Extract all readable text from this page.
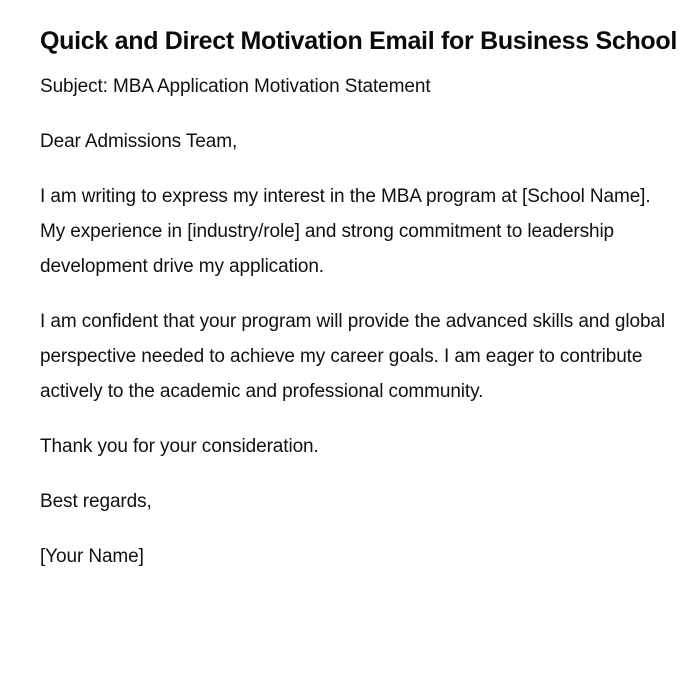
Quick and Direct Motivation Email for Business School

Subject: MBA Application Motivation Statement

Dear Admissions Team,

I am writing to express my interest in the MBA program at [School Name]. My experience in [industry/role] and strong commitment to leadership development drive my application.

I am confident that your program will provide the advanced skills and global perspective needed to achieve my career goals. I am eager to contribute actively to the academic and professional community.

Thank you for your consideration.

Best regards,

[Your Name]
